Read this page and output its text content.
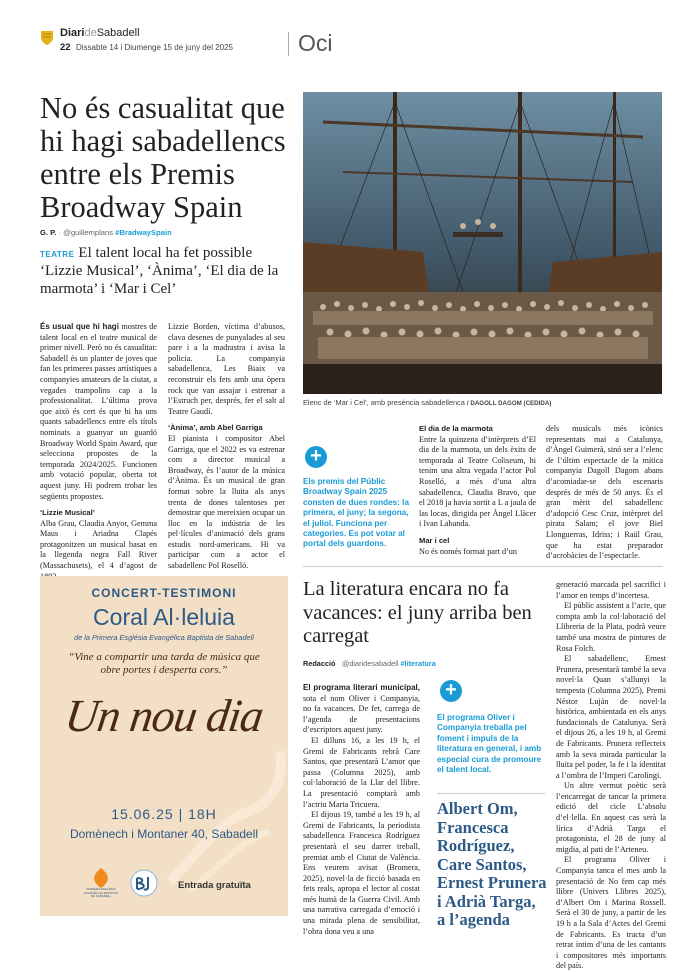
DiarideSabadell
22 Dissabte 14 i Diumenge 15 de juny del 2025	Oci
No és casualitat que hi hagi sabadellencs entre els Premis Broadway Spain
G. P. · @guillemplans #BradwaySpain
TEATRE El talent local ha fet possible ‘Lizzie Musical’, ‘Ànima’, ‘El dia de la marmota’ i ‘Mar i Cel’
Elenc de ‘Mar i Cel’, amb presència sabadellenca / DAGOLL DAGOM (CEDIDA)

És usual que hi hagi mostres de talent local en el teatre musical de primer nivell. Però no és casualitat: Sabadell és un planter de joves que fan les primeres passes artístiques a companyies amateurs de la ciutat, a vegades trampolins cap a la professionalitat. L’última prova que això és cert és que hi ha uns quants sabadellencs entre els títols nominats a guanyar un guardó Broadway World Spain Award, que selecciona propostes de la temporada 2024/2025. Funcionen amb votació popular, oberta tot aquest juny. Hi podrem trobar les següents propostes.

‘Lizzie Musical’

Alba Grau, Claudia Anyor, Gemma Maus i Ariadna Clapés protagonitzen un musical basat en la llegenda negra Fall River (Massachusets), el 4 d’agost de

Lizzie Borden, víctima d’abusos, clava desenes de punyalades al seu pare i a la madrastra i avisa la policia. La companyia sabadellenca, Les Biaix va reconstruir els fets amb una òpera rock que van assajar i estrenar a l’Estruch per, després, fer el salt al Teatre Gaudí.

‘Ànima’, amb Abel Garriga

El pianista i compositor Abel Garriga, que el 2022 es va estrenar com a director musical a Broadway, és l’autor de la música d’Ànima. És un musical de gran format sobre la lluita als anys trenta de dones talentoses per demostrar que mereixien ocupar un lloc en la indústria de les pel·lícules d’animació dels grans estudis nord-americans. Hi va participar com a actor el sabadellenc Pol Roselló.

+
Els premis del Públic Broadway Spain 2025 consten de dues rondes: la primera, el juny; la segona, el juliol. Funciona per categories. Es pot votar al portal dels guardons.

El dia de la marmota

Entre la quinzena d’intèrprets d’El dia de la marmota, un dels èxits de temporada al Teatre Coliseum, hi tenim una altra vegada l’actor Pol Roselló, a més d’una altra sabadellenca, Claudia Bravo, que el 2018 ja havia sortit a L a jaula de las locas, dirigida per Àngel Llàcer i Ivan Labanda.

Mar i cel

No és només format part d’un

dels musicals més icònics representats mai a Catalunya, d’Àngel Guimerà, sinó ser a l’elenc de l’últim espectacle de la mítica companyia Dagoll Dagom abans d’acomiadar-se dels escenaris després de més de 50 anys. És el gran mèrit del sabadellenc d’adopció Cesc Cruz, intèrpret del pirata Salam; el jove Biel Llonguerras, Idriss; i Raül Grau, que ha estat preparador d’acrobàcies de l’espectacle.

CONCERT-TESTIMONI
Coral Al·leluia
de la Primera Església Evangèlica Baptista de Sabadell
“Vine a compartir una tarda de música que obre portes i desperta cors.”
Un nou dia
15.06.25 | 18H
Domènech i Montaner 40, Sabadell
PRIMERA ESGLÉSIA EVANGÈLICA BAPTISTA DE SABADELL
Entrada gratuïta
La literatura encara no fa vacances: el juny arriba ben carregat
Redacció · @diaridesabadell #literatura

El programa literari municipal, sota el nom Oliver i Companyia, no fa vacances. De fet, carrega de l’agenda de presentacions d’escriptors aquest juny.

El dilluns 16, a les 19 h, el Gremi de Fabricants rebrà Care Santos, que presentarà L’amor que passa (Columna 2025), amb col·laboració de la Llar del llibre. La presentació comptarà amb l’actriu Marta Tricuera.

El dijous 19, també a les 19 h, al Gremi de Fabricants, la periodista sabadellenca Francesca Rodríguez presentarà el seu darrer treball, premiat amb el Ciutat de València. Ens veurem avisat (Bromera, 2025), novel·la de ficció basada en fets reals, apropa el lector al costat més humà de la Guerra Civil. Amb una narrativa carregada d’emoció i una mirada plena de sensibilitat, l’obra dona veu a una

+
El programa Oliver i Companyia treballa pel foment i impuls de la literatura en general, i amb especial cura de promoure el talent local.
Albert Om, Francesca Rodríguez, Care Santos, Ernest Prunera i Adrià Targa, a l’agenda

generació marcada pel sacrifici i l’amor en temps d’incertesa.

El públic assistent a l’acte, que compta amb la col·laboració del Llibreria de la Plata, podrà veure també una mostra de pintures de Rosa Folch.

El sabadellenc, Ernest Prunera, presentarà també la seva novel·la Quan s’allunyi la tempesta (Columna 2025), Premi Néstor Luján de novel·la històrica, ambientada en els anys fundacionals de Catalunya. Serà el dijous 26, a les 19 h, al Gremi de Fabricants. Prunera reflecteix amb la seva mirada particular la lluita pel poder, la fe i la identitat a l’ombra de l’Imperi Carolingi.

Un altre vermut poètic serà l’encarregat de tancar la primera edició del cicle L’absolu d’el·lella. En aquest cas serà la lírica d’Adrià Targa el protagonista, el 28 de juny al migdia, al pati de l’Arteneu.

El programa Oliver i Companyia tanca el mes amb la presentació de No fem cap més llibre (Univers Llibres 2025), d’Albert Om i Marina Rossell. Serà el 30 de juny, a partir de les 19 h a la Sala d’Actes del Gremi de Fabricants. Es tracta d’un retrat íntim d’una de les cantants i compositores més importants del país.
